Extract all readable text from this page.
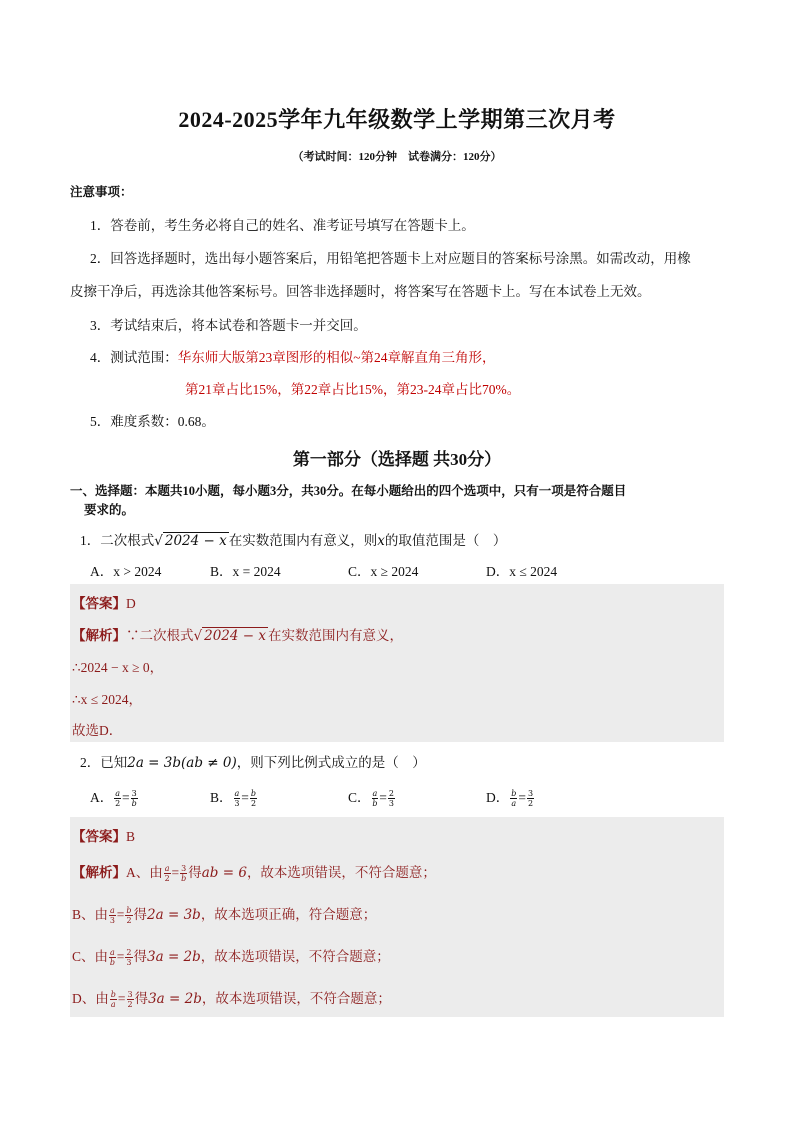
2024-2025学年九年级数学上学期第三次月考
（考试时间：120分钟　试卷满分：120分）
注意事项：
1．答卷前，考生务必将自己的姓名、准考证号填写在答题卡上。
2．回答选择题时，选出每小题答案后，用铅笔把答题卡上对应题目的答案标号涂黑。如需改动，用橡
皮擦干净后，再选涂其他答案标号。回答非选择题时，将答案写在答题卡上。写在本试卷上无效。
3．考试结束后，将本试卷和答题卡一并交回。
4．测试范围：华东师大版第23章图形的相似~第24章解直角三角形，
第21章占比15%，第22章占比15%，第23-24章占比70%。
5．难度系数：0.68。
第一部分（选择题 共30分）
一、选择题：本题共10小题，每小题3分，共30分。在每小题给出的四个选项中，只有一项是符合题目
要求的。
1．二次根式√ 2024 − x 在实数范围内有意义，则x的取值范围是（　）
A．x > 2024	B．x = 2024	C．x ≥ 2024	D．x ≤ 2024
【答案】D
【解析】∵二次根式√ 2024 − x 在实数范围内有意义，
∴2024 − x ≥ 0，
∴x ≤ 2024，
故选D．
2．已知2a = 3b(ab ≠ 0)，则下列比例式成立的是（　）
A． $\frac{a}{2} = \frac{3}{b}$	B． $\frac{a}{3} = \frac{b}{2}$	C． $\frac{a}{b} = \frac{2}{3}$	D． $\frac{b}{a} = \frac{3}{2}$
【答案】B
【解析】A、由 $\frac{a}{2} = \frac{3}{b}$ 得ab = 6，故本选项错误，不符合题意；
B、由 $\frac{a}{3} = \frac{b}{2}$ 得2a = 3b，故本选项正确，符合题意；
C、由 $\frac{a}{b} = \frac{2}{3}$ 得3a = 2b，故本选项错误，不符合题意；
D、由 $\frac{b}{a} = \frac{3}{2}$ 得3a = 2b，故本选项错误，不符合题意；
